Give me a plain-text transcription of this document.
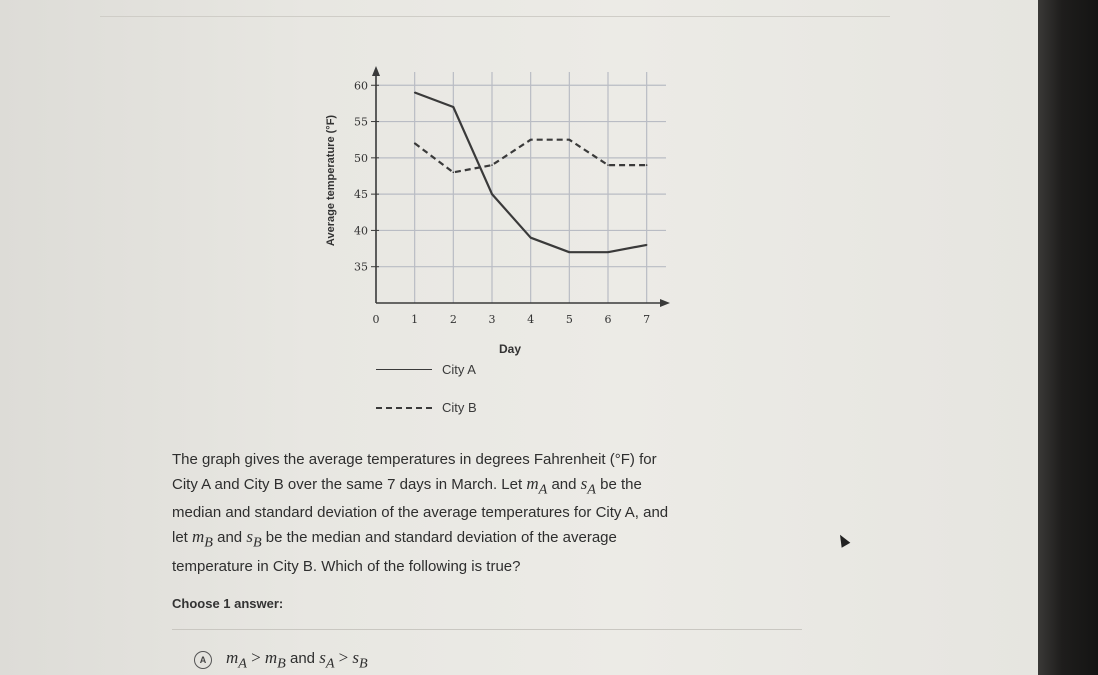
35
40
45
50
55
60
0	1	2	3	4	5	6	7
Day
Average temperature (°F)
City A
City B

The graph gives the average temperatures in degrees Fahrenheit (°F) for
City A and City B over the same 7 days in March. Let $m_A$ and $s_A$ be the
median and standard deviation of the average temperatures for City A, and
let $m_B$ and $s_B$ be the median and standard deviation of the average
temperature in City B. Which of the following is true?

Choose 1 answer:
A	$m_A > m_B$ and $s_A > s_B$
